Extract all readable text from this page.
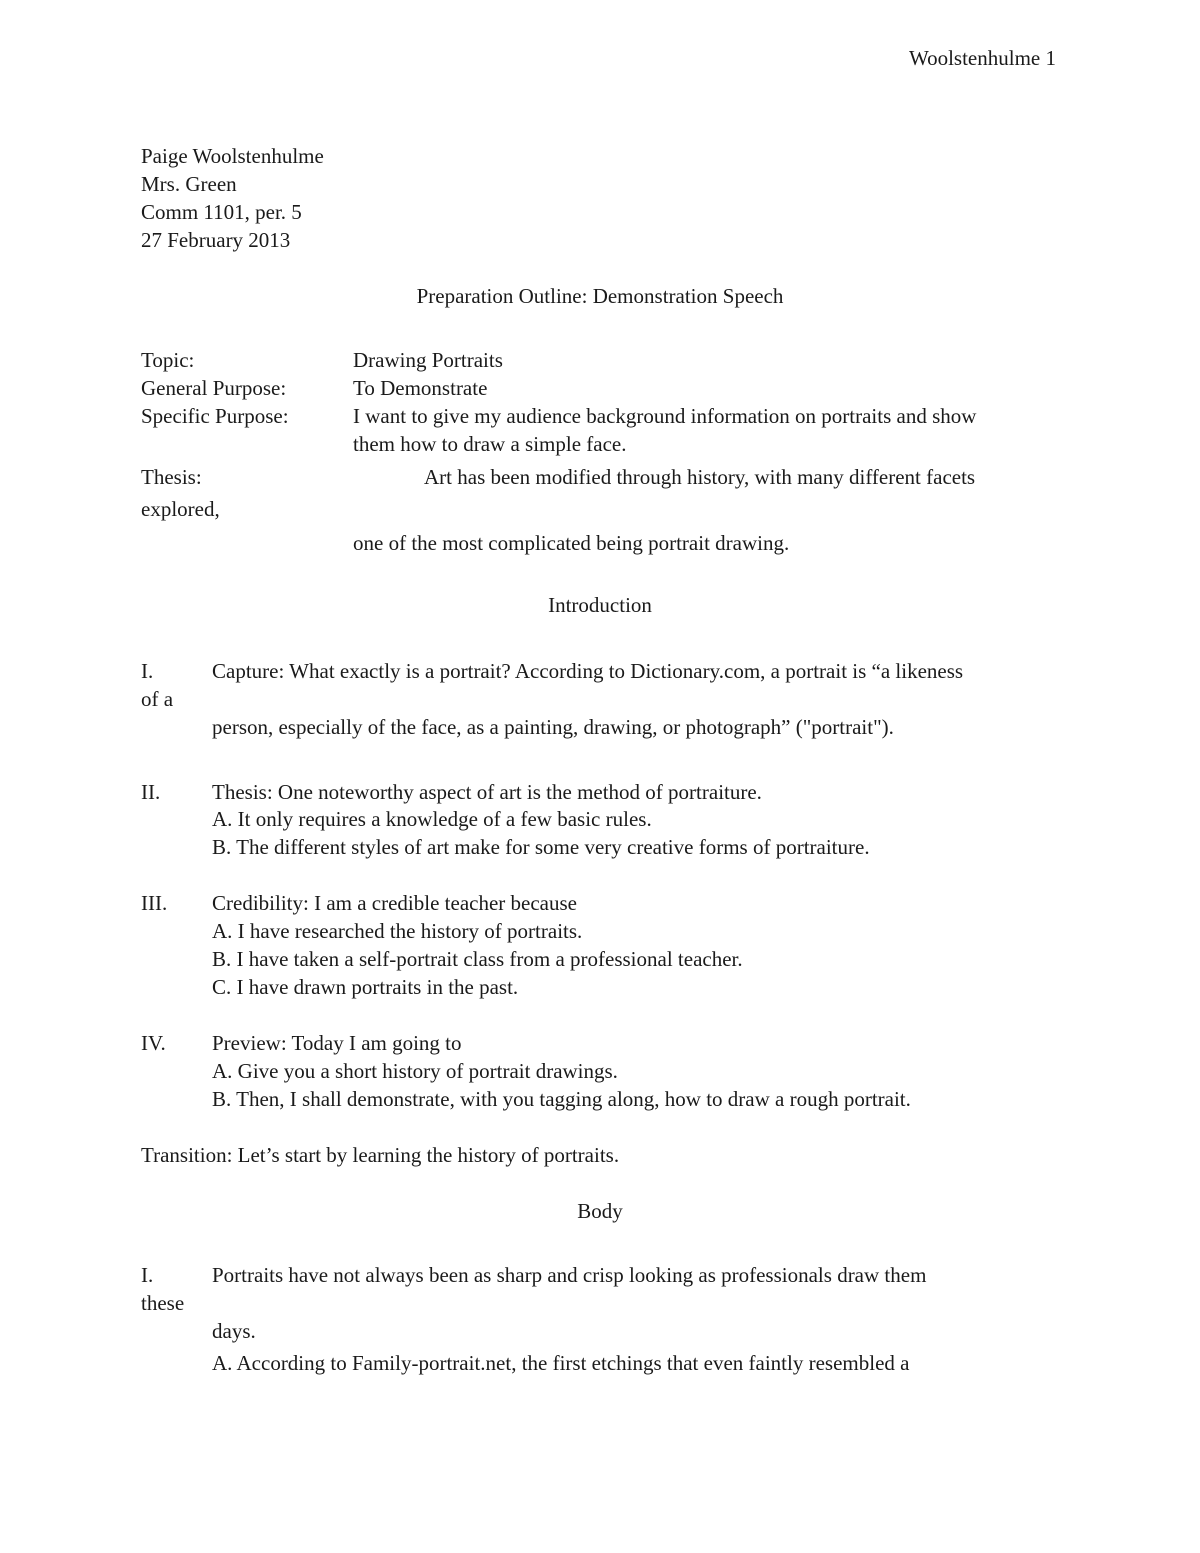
Woolstenhulme 1
Paige Woolstenhulme
Mrs. Green
Comm 1101, per. 5
27 February 2013
Preparation Outline: Demonstration Speech
Topic:	Drawing Portraits
General Purpose:	To Demonstrate
Specific Purpose:	I want to give my audience background information on portraits and show
them how to draw a simple face.
Thesis:	Art has been modified through history, with many different facets
explored,
one of the most complicated being portrait drawing.
Introduction
I.	Capture: What exactly is a portrait? According to Dictionary.com, a portrait is “a likeness
of a
person, especially of the face, as a painting, drawing, or photograph” ("portrait").
II. Thesis: One noteworthy aspect of art is the method of portraiture.
A. It only requires a knowledge of a few basic rules.
B. The different styles of art make for some very creative forms of portraiture.
III. Credibility: I am a credible teacher because
A. I have researched the history of portraits.
B. I have taken a self-portrait class from a professional teacher.
C. I have drawn portraits in the past.
IV. Preview: Today I am going to
A. Give you a short history of portrait drawings.
B. Then, I shall demonstrate, with you tagging along, how to draw a rough portrait.
Transition: Let’s start by learning the history of portraits.
Body
I.	Portraits have not always been as sharp and crisp looking as professionals draw them
these
days.
A. According to Family-portrait.net, the first etchings that even faintly resembled a
